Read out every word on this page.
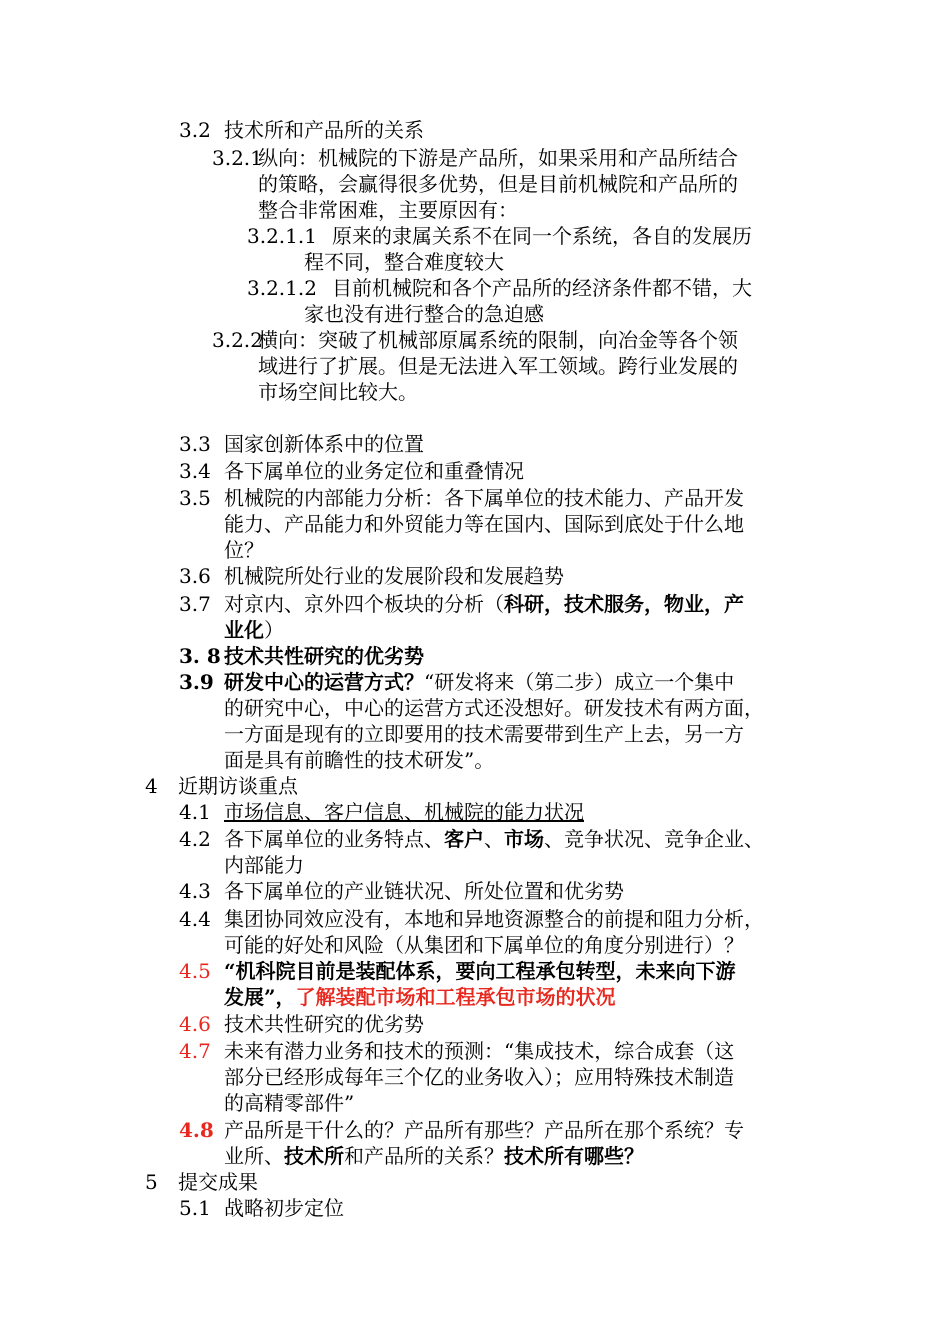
3.2 技术所和产品所的关系
3.2.1
纵向：机械院的下游是产品所，如果采用和产品所结合
的策略，会赢得很多优势，但是目前机械院和产品所的
整合非常困难，主要原因有：
3.2.1.1 原来的隶属关系不在同一个系统，各自的发展历
程不同，整合难度较大
3.2.1.2 目前机械院和各个产品所的经济条件都不错，大
家也没有进行整合的急迫感
3.2.2
横向：突破了机械部原属系统的限制，向冶金等各个领
域进行了扩展。但是无法进入军工领域。跨行业发展的
市场空间比较大。
3.3 国家创新体系中的位置
3.4 各下属单位的业务定位和重叠情况
3.5 机械院的内部能力分析：各下属单位的技术能力、产品开发
能力、产品能力和外贸能力等在国内、国际到底处于什么地
位？
3.6 机械院所处行业的发展阶段和发展趋势
3.7 对京内、京外四个板块的分析（科研，技术服务，物业，产
业化）
3. 8 技术共性研究的优劣势
3.9 研发中心的运营方式？“研发将来（第二步）成立一个集中
的研究中心，中心的运营方式还没想好。研发技术有两方面，
一方面是现有的立即要用的技术需要带到生产上去，另一方
面是具有前瞻性的技术研发”。
4 近期访谈重点
4.1 市场信息、客户信息、机械院的能力状况
4.2 各下属单位的业务特点、客户、市场、竞争状况、竞争企业、
内部能力
4.3 各下属单位的产业链状况、所处位置和优劣势
4.4 集团协同效应没有，本地和异地资源整合的前提和阻力分析，
可能的好处和风险（从集团和下属单位的角度分别进行）？
4.5 “机科院目前是装配体系，要向工程承包转型，未来向下游
发展”，了解装配市场和工程承包市场的状况
4.6 技术共性研究的优劣势
4.7 未来有潜力业务和技术的预测：“集成技术，综合成套（这
部分已经形成每年三个亿的业务收入）；应用特殊技术制造
的高精零部件”
4.8 产品所是干什么的？产品所有那些？产品所在那个系统？专
业所、技术所和产品所的关系？技术所有哪些？
5 提交成果
5.1 战略初步定位
